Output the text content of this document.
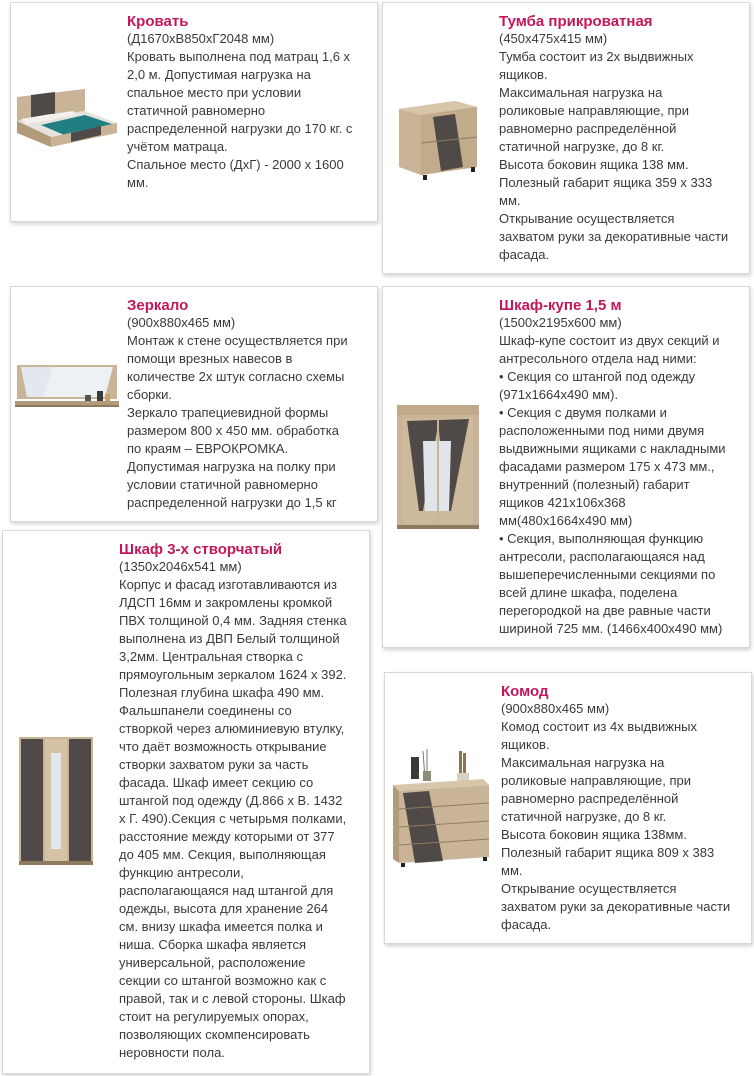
Кровать

(Д1670хВ850хГ2048 мм)
Кровать выполнена под матрац 1,6 х
2,0 м. Допустимая нагрузка на
спальное место при условии
статичной равномерно
распределенной нагрузки до 170 кг. с
учётом матраца.
Спальное место (ДхГ) - 2000 х 1600
мм.

Тумба прикроватная

(450х475х415 мм)
Тумба состоит из 2х выдвижных
ящиков.
Максимальная нагрузка на
роликовые направляющие, при
равномерно распределённой
статичной нагрузке, до 8 кг.
Высота боковин ящика 138 мм.
Полезный габарит ящика 359 х 333
мм.
Открывание осуществляется
захватом руки за декоративные части
фасада.

Зеркало

(900х880х465 мм)
Монтаж к стене осуществляется при
помощи врезных навесов в
количестве 2х штук согласно схемы
сборки.
Зеркало трапециевидной формы
размером 800 х 450 мм. обработка
по краям – ЕВРОКРОМКА.
Допустимая нагрузка на полку при
условии статичной равномерно
распределенной нагрузки до 1,5 кг

Шкаф-купе 1,5 м

(1500х2195х600 мм)
Шкаф-купе состоит из двух секций и
антресольного отдела над ними:
• Секция со штангой под одежду
(971х1664х490 мм).
• Секция с двумя полками и
расположенными под ними двумя
выдвижными ящиками с накладными
фасадами размером 175 х 473 мм.,
внутренний (полезный) габарит
ящиков 421х106х368
мм(480х1664х490 мм)
• Секция, выполняющая функцию
антресоли, располагающаяся над
вышеперечисленными секциями по
всей длине шкафа, поделена
перегородкой на две равные части
шириной 725 мм. (1466х400х490 мм)

Шкаф 3-х створчатый

(1350х2046х541 мм)
Корпус и фасад изготавливаются из
ЛДСП 16мм и закромлены кромкой
ПВХ толщиной 0,4 мм. Задняя стенка
выполнена из ДВП Белый толщиной
3,2мм. Центральная створка с
прямоугольным зеркалом 1624 х 392.
Полезная глубина шкафа 490 мм.
Фальшпанели соединены со
створкой через алюминиевую втулку,
что даёт возможность открывание
створки захватом руки за часть
фасада. Шкаф имеет секцию со
штангой под одежду (Д.866 х В. 1432
х Г. 490).Секция с четырьмя полками,
расстояние между которыми от 377
до 405 мм. Секция, выполняющая
функцию антресоли,
располагающаяся над штангой для
одежды, высота для хранение 264
см. внизу шкафа имеется полка и
ниша. Сборка шкафа является
универсальной, расположение
секции со штангой возможно как с
правой, так и с левой стороны. Шкаф
стоит на регулируемых опорах,
позволяющих скомпенсировать
неровности пола.

Комод

(900х880х465 мм)
Комод состоит из 4х выдвижных
ящиков.
Максимальная нагрузка на
роликовые направляющие, при
равномерно распределённой
статичной нагрузке, до 8 кг.
Высота боковин ящика 138мм.
Полезный габарит ящика 809 х 383
мм.
Открывание осуществляется
захватом руки за декоративные части
фасада.
